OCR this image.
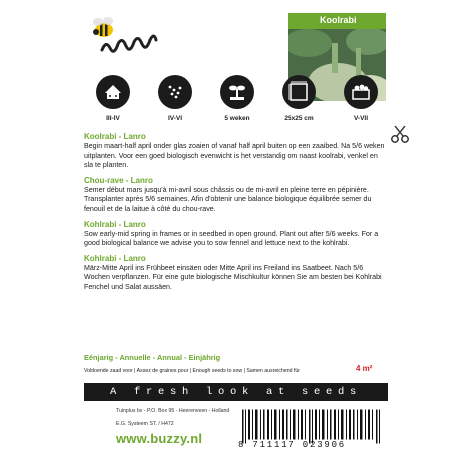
Koolrabi
III-IV	IV-VI	5 weken	25x25 cm	V-VII

Koolrabi - Lanro

Begin maart-half april onder glas zoaien of vanaf half april buiten op een zaaibed. Na 5/6 weken uitplanten. Voor een goed biologisch evenwicht is het verstandig om naast koolrabi, venkel en sla te planten.

Chou-rave - Lanro

Semer début mars jusqu'à mi-avril sous châssis ou de mi-avril en pleine terre en pépinière. Transplanter après 5/6 semaines. Afin d'obtenir une balance biologique équilibrée semer du fenouil et de la laitue à côté du chou-rave.

Kohlrabi - Lanro

Sow early-mid spring in frames or in seedbed in open ground. Plant out after 5/6 weeks. For a good biological balance we advise you to sow fennel and lettuce next to the kohlrabi.

Kohlrabi - Lanro

März-Mitte April ins Frühbeet einsäen oder Mitte April ins Freiland ins Saatbeet. Nach 5/6 Wochen verpflanzen. Für eine gute biologische Mischkultur können Sie am besten bei Kohlrabi Fenchel und Salat aussäen.

Eénjarig - Annuelle - Annual - Einjährig
Voldoende zaad voor | Assez de graines pour | Enough seeds to sow | Samen ausreichend für	4 m²
A fresh look at seeds
Tuinplus bv - P.O. Box 95 - Heerenveen - Holland
E.G. Systeem ST. / H472
www.buzzy.nl	8 711117 023906
